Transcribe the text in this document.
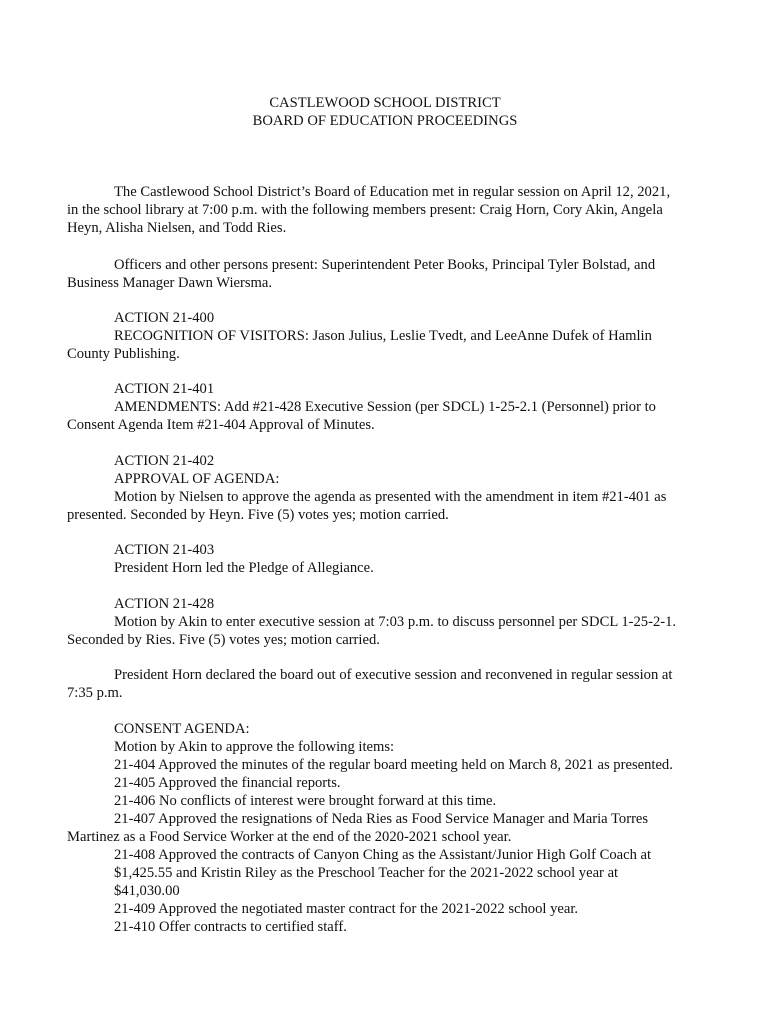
CASTLEWOOD SCHOOL DISTRICT
BOARD OF EDUCATION PROCEEDINGS
The Castlewood School District’s Board of Education met in regular session on April 12, 2021,
in the school library at 7:00 p.m. with the following members present: Craig Horn, Cory Akin, Angela
Heyn, Alisha Nielsen, and Todd Ries.
Officers and other persons present: Superintendent Peter Books, Principal Tyler Bolstad, and
Business Manager Dawn Wiersma.
ACTION 21-400
RECOGNITION OF VISITORS: Jason Julius, Leslie Tvedt, and LeeAnne Dufek of Hamlin
County Publishing.
ACTION 21-401
AMENDMENTS: Add #21-428 Executive Session (per SDCL) 1-25-2.1 (Personnel) prior to
Consent Agenda Item #21-404 Approval of Minutes.
ACTION 21-402
APPROVAL OF AGENDA:
Motion by Nielsen to approve the agenda as presented with the amendment in item #21-401 as
presented. Seconded by Heyn. Five (5) votes yes; motion carried.
ACTION 21-403
President Horn led the Pledge of Allegiance.
ACTION 21-428
Motion by Akin to enter executive session at 7:03 p.m. to discuss personnel per SDCL 1-25-2-1.
Seconded by Ries. Five (5) votes yes; motion carried.
President Horn declared the board out of executive session and reconvened in regular session at
7:35 p.m.
CONSENT AGENDA:
Motion by Akin to approve the following items:
21-404 Approved the minutes of the regular board meeting held on March 8, 2021 as presented.
21-405 Approved the financial reports.
21-406 No conflicts of interest were brought forward at this time.
21-407 Approved the resignations of Neda Ries as Food Service Manager and Maria Torres
Martinez as a Food Service Worker at the end of the 2020-2021 school year.
21-408 Approved the contracts of Canyon Ching as the Assistant/Junior High Golf Coach at
$1,425.55 and Kristin Riley as the Preschool Teacher for the 2021-2022 school year at
$41,030.00
21-409 Approved the negotiated master contract for the 2021-2022 school year.
21-410 Offer contracts to certified staff.
